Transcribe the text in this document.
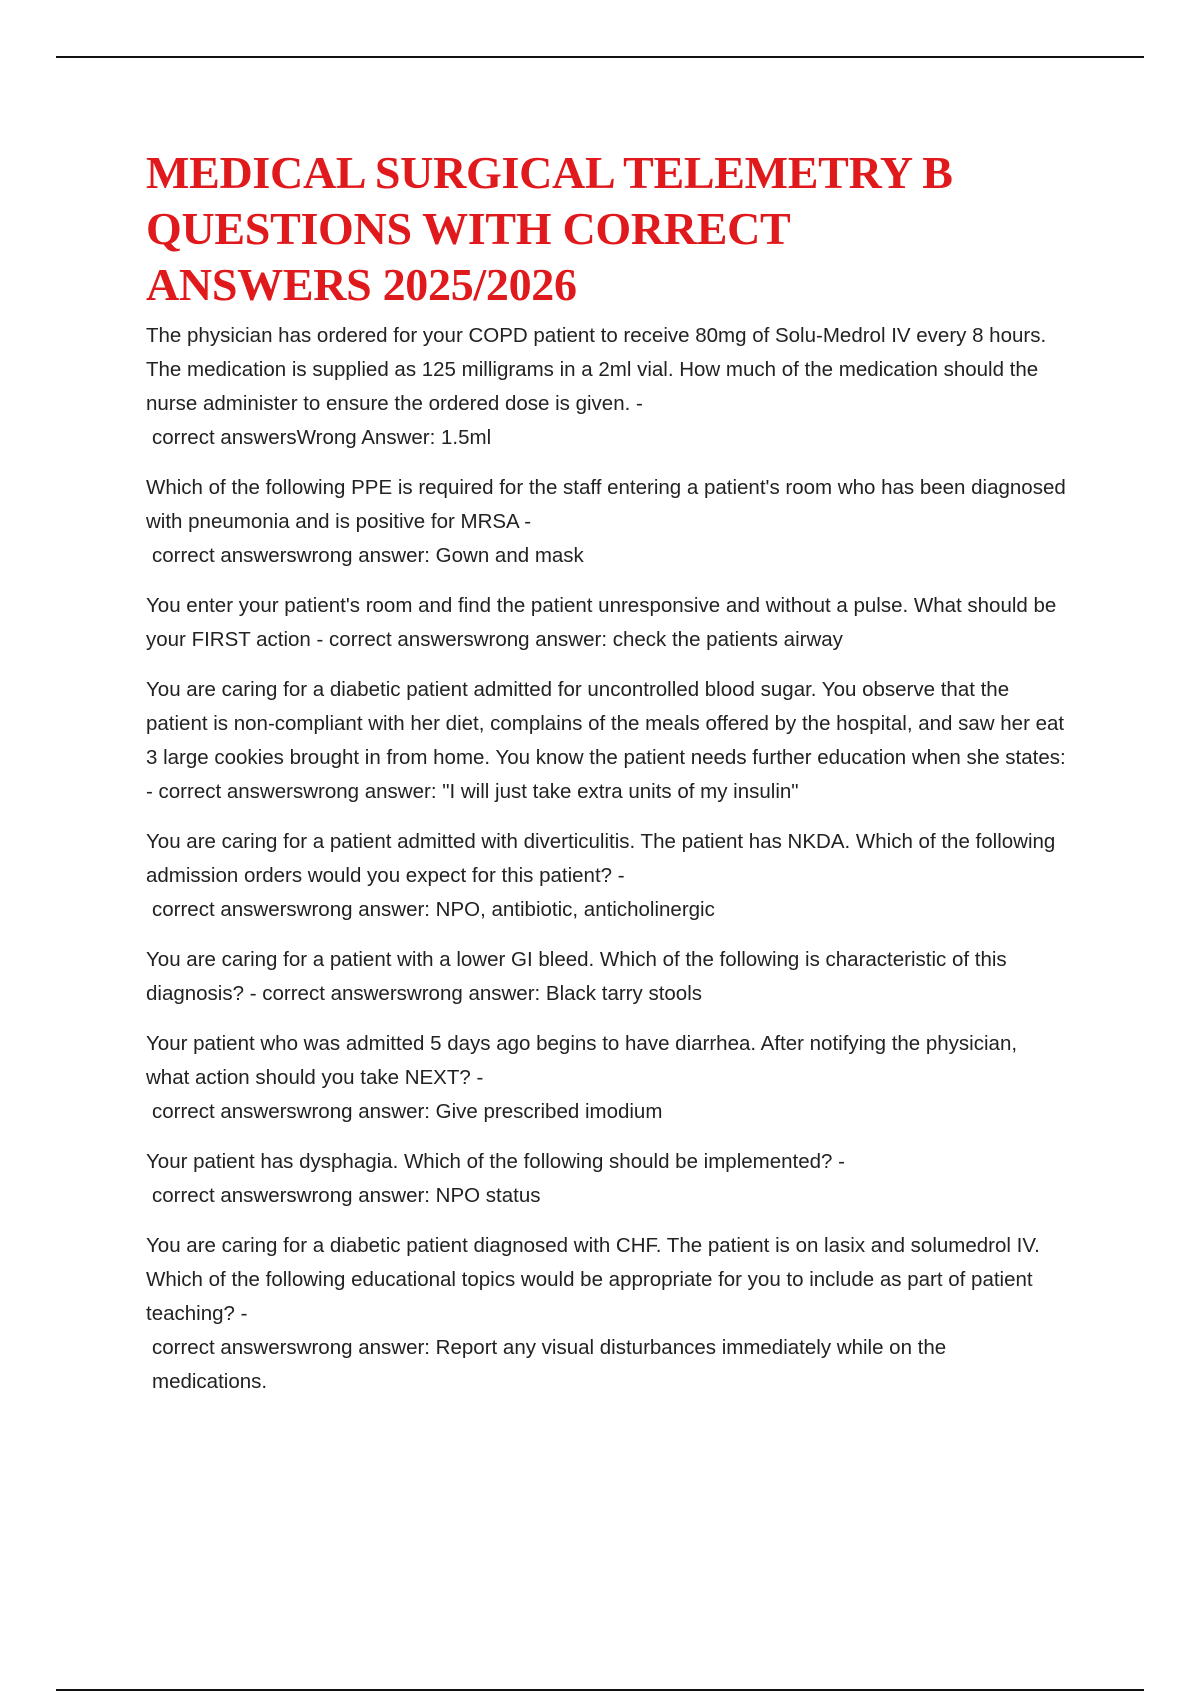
MEDICAL SURGICAL TELEMETRY B
QUESTIONS WITH CORRECT
ANSWERS 2025/2026
The physician has ordered for your COPD patient to receive 80mg of Solu-Medrol IV every 8 hours. The medication is supplied as 125 milligrams in a 2ml vial. How much of the medication should the nurse administer to ensure the ordered dose is given. -
correct answersWrong Answer: 1.5ml
Which of the following PPE is required for the staff entering a patient's room who has been diagnosed with pneumonia and is positive for MRSA -
correct answerswrong answer: Gown and mask
You enter your patient's room and find the patient unresponsive and without a pulse. What should be your FIRST action - correct answerswrong answer: check the patients airway
You are caring for a diabetic patient admitted for uncontrolled blood sugar. You observe that the patient is non-compliant with her diet, complains of the meals offered by the hospital, and saw her eat 3 large cookies brought in from home. You know the patient needs further education when she states: - correct answerswrong answer: "I will just take extra units of my insulin"
You are caring for a patient admitted with diverticulitis. The patient has NKDA. Which of the following admission orders would you expect for this patient? -
correct answerswrong answer: NPO, antibiotic, anticholinergic
You are caring for a patient with a lower GI bleed. Which of the following is characteristic of this diagnosis? - correct answerswrong answer: Black tarry stools
Your patient who was admitted 5 days ago begins to have diarrhea. After notifying the physician, what action should you take NEXT? -
correct answerswrong answer: Give prescribed imodium
Your patient has dysphagia. Which of the following should be implemented? -
correct answerswrong answer: NPO status
You are caring for a diabetic patient diagnosed with CHF. The patient is on lasix and solumedrol IV. Which of the following educational topics would be appropriate for you to include as part of patient teaching? -
correct answerswrong answer: Report any visual disturbances immediately while on the medications.
